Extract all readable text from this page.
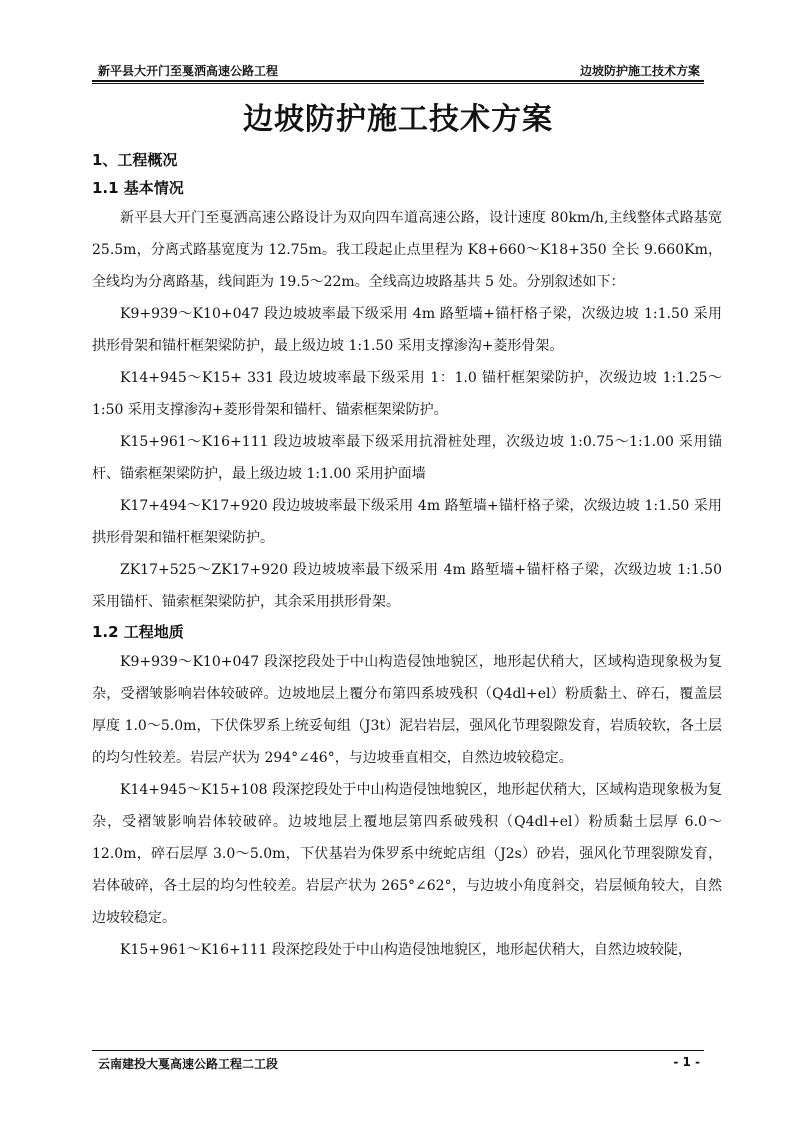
新平县大开门至戛洒高速公路工程	边坡防护施工技术方案
边坡防护施工技术方案
1、工程概况
1.1 基本情况

新平县大开门至戛洒高速公路设计为双向四车道高速公路，设计速度 80km/h,主线整体式路基宽 25.5m，分离式路基宽度为 12.75m。我工段起止点里程为 K8+660～K18+350 全长 9.660Km，全线均为分离路基，线间距为 19.5～22m。全线高边坡路基共 5 处。分别叙述如下：

K9+939～K10+047 段边坡坡率最下级采用 4m 路堑墙+锚杆格子梁，次级边坡 1:1.50 采用拱形骨架和锚杆框架梁防护，最上级边坡 1:1.50 采用支撑渗沟+菱形骨架。

K14+945～K15+ 331 段边坡坡率最下级采用 1：1.0 锚杆框架梁防护，次级边坡 1:1.25～1:50 采用支撑渗沟+菱形骨架和锚杆、锚索框架梁防护。

K15+961～K16+111 段边坡坡率最下级采用抗滑桩处理，次级边坡 1:0.75～1:1.00 采用锚杆、锚索框架梁防护，最上级边坡 1:1.00 采用护面墙

K17+494～K17+920 段边坡坡率最下级采用 4m 路堑墙+锚杆格子梁，次级边坡 1:1.50 采用拱形骨架和锚杆框架梁防护。

ZK17+525～ZK17+920 段边坡坡率最下级采用 4m 路堑墙+锚杆格子梁，次级边坡 1:1.50 采用锚杆、锚索框架梁防护，其余采用拱形骨架。

1.2 工程地质

K9+939～K10+047 段深挖段处于中山构造侵蚀地貌区，地形起伏稍大，区域构造现象极为复杂，受褶皱影响岩体较破碎。边坡地层上覆分布第四系坡残积（Q4dl+el）粉质黏土、碎石，覆盖层厚度 1.0～5.0m，下伏侏罗系上统妥甸组（J3t）泥岩岩层，强风化节理裂隙发育，岩质较软，各土层的均匀性较差。岩层产状为 294°∠46°，与边坡垂直相交，自然边坡较稳定。

K14+945～K15+108 段深挖段处于中山构造侵蚀地貌区，地形起伏稍大，区域构造现象极为复杂，受褶皱影响岩体较破碎。边坡地层上覆地层第四系破残积（Q4dl+el）粉质黏土层厚 6.0～12.0m，碎石层厚 3.0～5.0m，下伏基岩为侏罗系中统蛇店组（J2s）砂岩，强风化节理裂隙发育，岩体破碎，各土层的均匀性较差。岩层产状为 265°∠62°，与边坡小角度斜交，岩层倾角较大，自然边坡较稳定。

K15+961～K16+111 段深挖段处于中山构造侵蚀地貌区，地形起伏稍大，自然边坡较陡，

云南建投大戛高速公路工程二工段	- 1 -
